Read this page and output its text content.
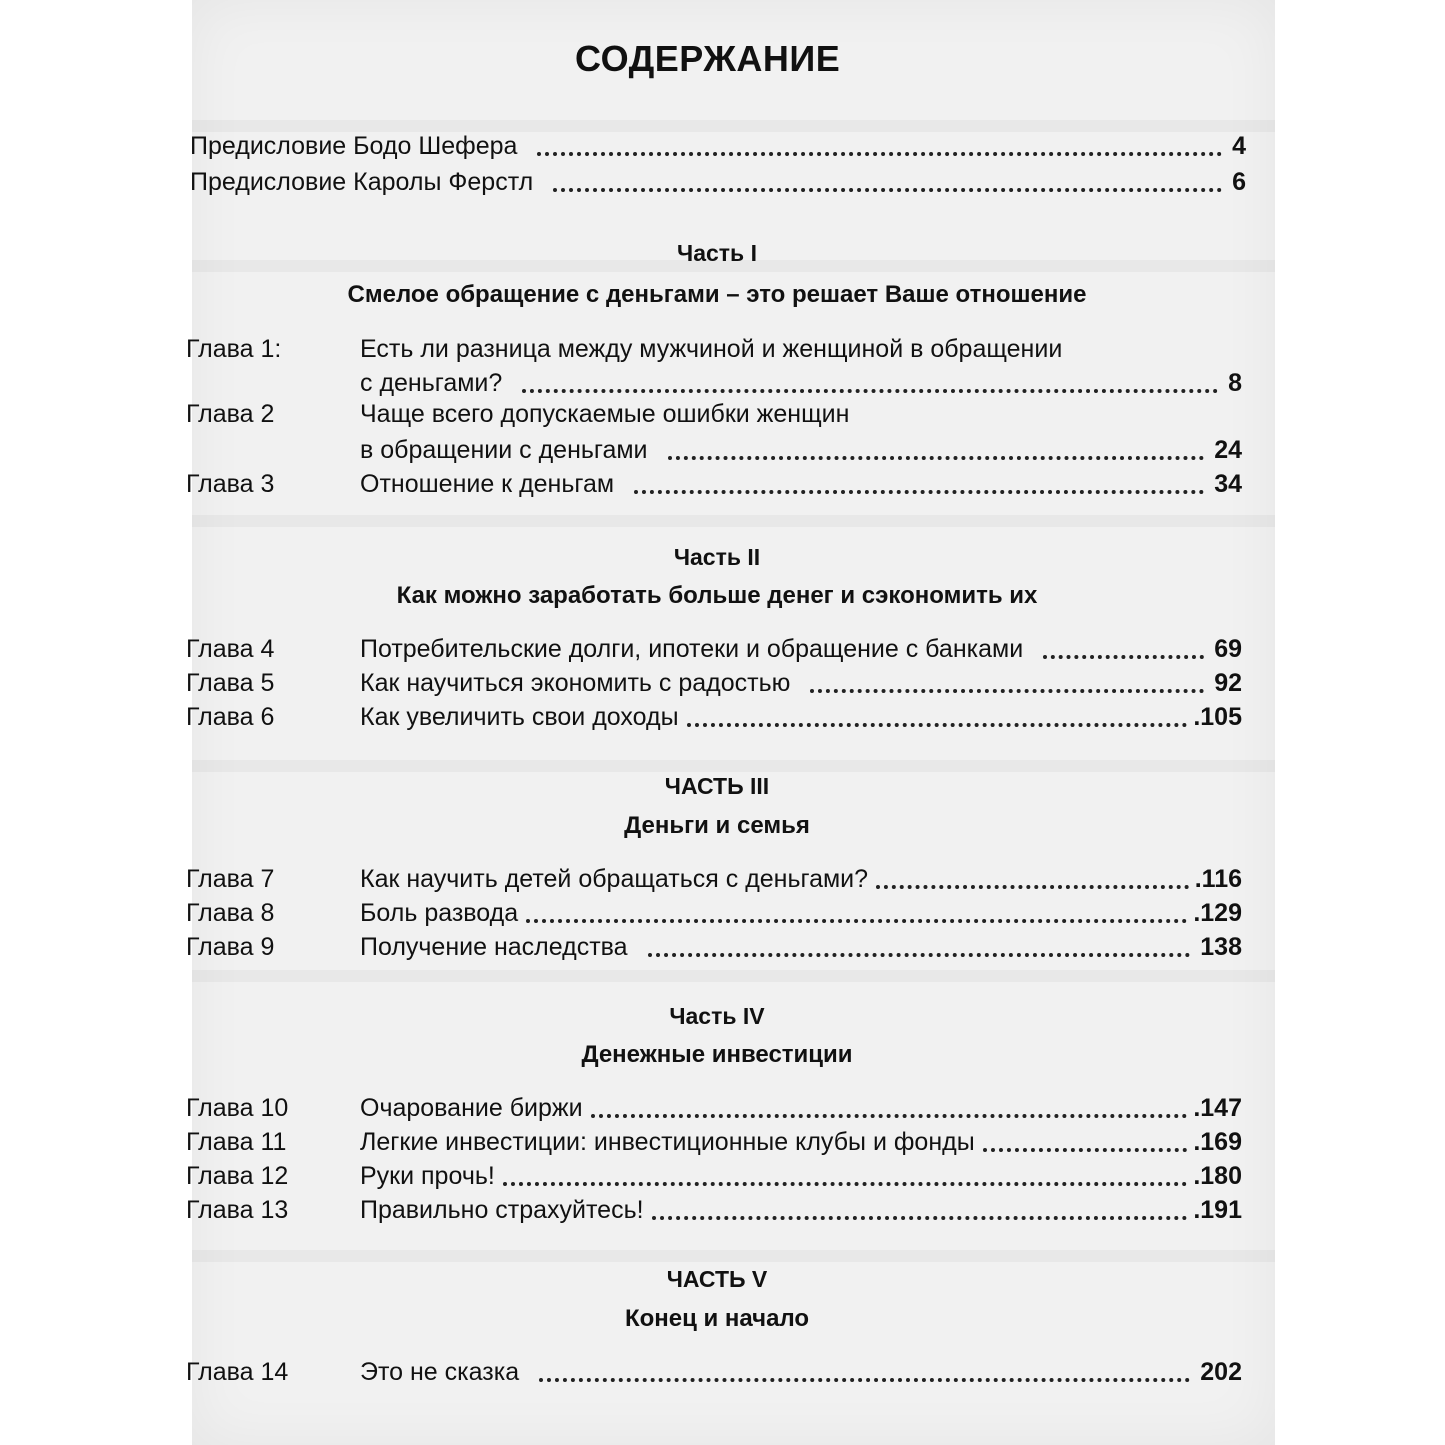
СОДЕРЖАНИЕ
Предисловие Бодо Шефера	4
Предисловие Каролы Ферстл	6
Часть I
Смелое обращение с деньгами – это решает Ваше отношение
Глава 1:	Есть ли разница между мужчиной и женщиной в обращении
с деньгами?	8
Глава 2	Чаще всего допускаемые ошибки женщин
в обращении с деньгами	24
Глава 3	Отношение к деньгам	34
Часть II
Как можно заработать больше денег и сэкономить их
Глава 4	Потребительские долги, ипотеки и обращение с банками	69
Глава 5	Как научиться экономить с радостью	92
Глава 6	Как увеличить свои доходы	.105
ЧАСТЬ III
Деньги и семья
Глава 7	Как научить детей обращаться с деньгами?	.116
Глава 8	Боль развода	.129
Глава 9	Получение наследства	138
Часть IV
Денежные инвестиции
Глава 10	Очарование биржи	.147
Глава 11	Легкие инвестиции: инвестиционные клубы и фонды	.169
Глава 12	Руки прочь!	.180
Глава 13	Правильно страхуйтесь!	.191
ЧАСТЬ V
Конец и начало
Глава 14	Это не сказка	202
